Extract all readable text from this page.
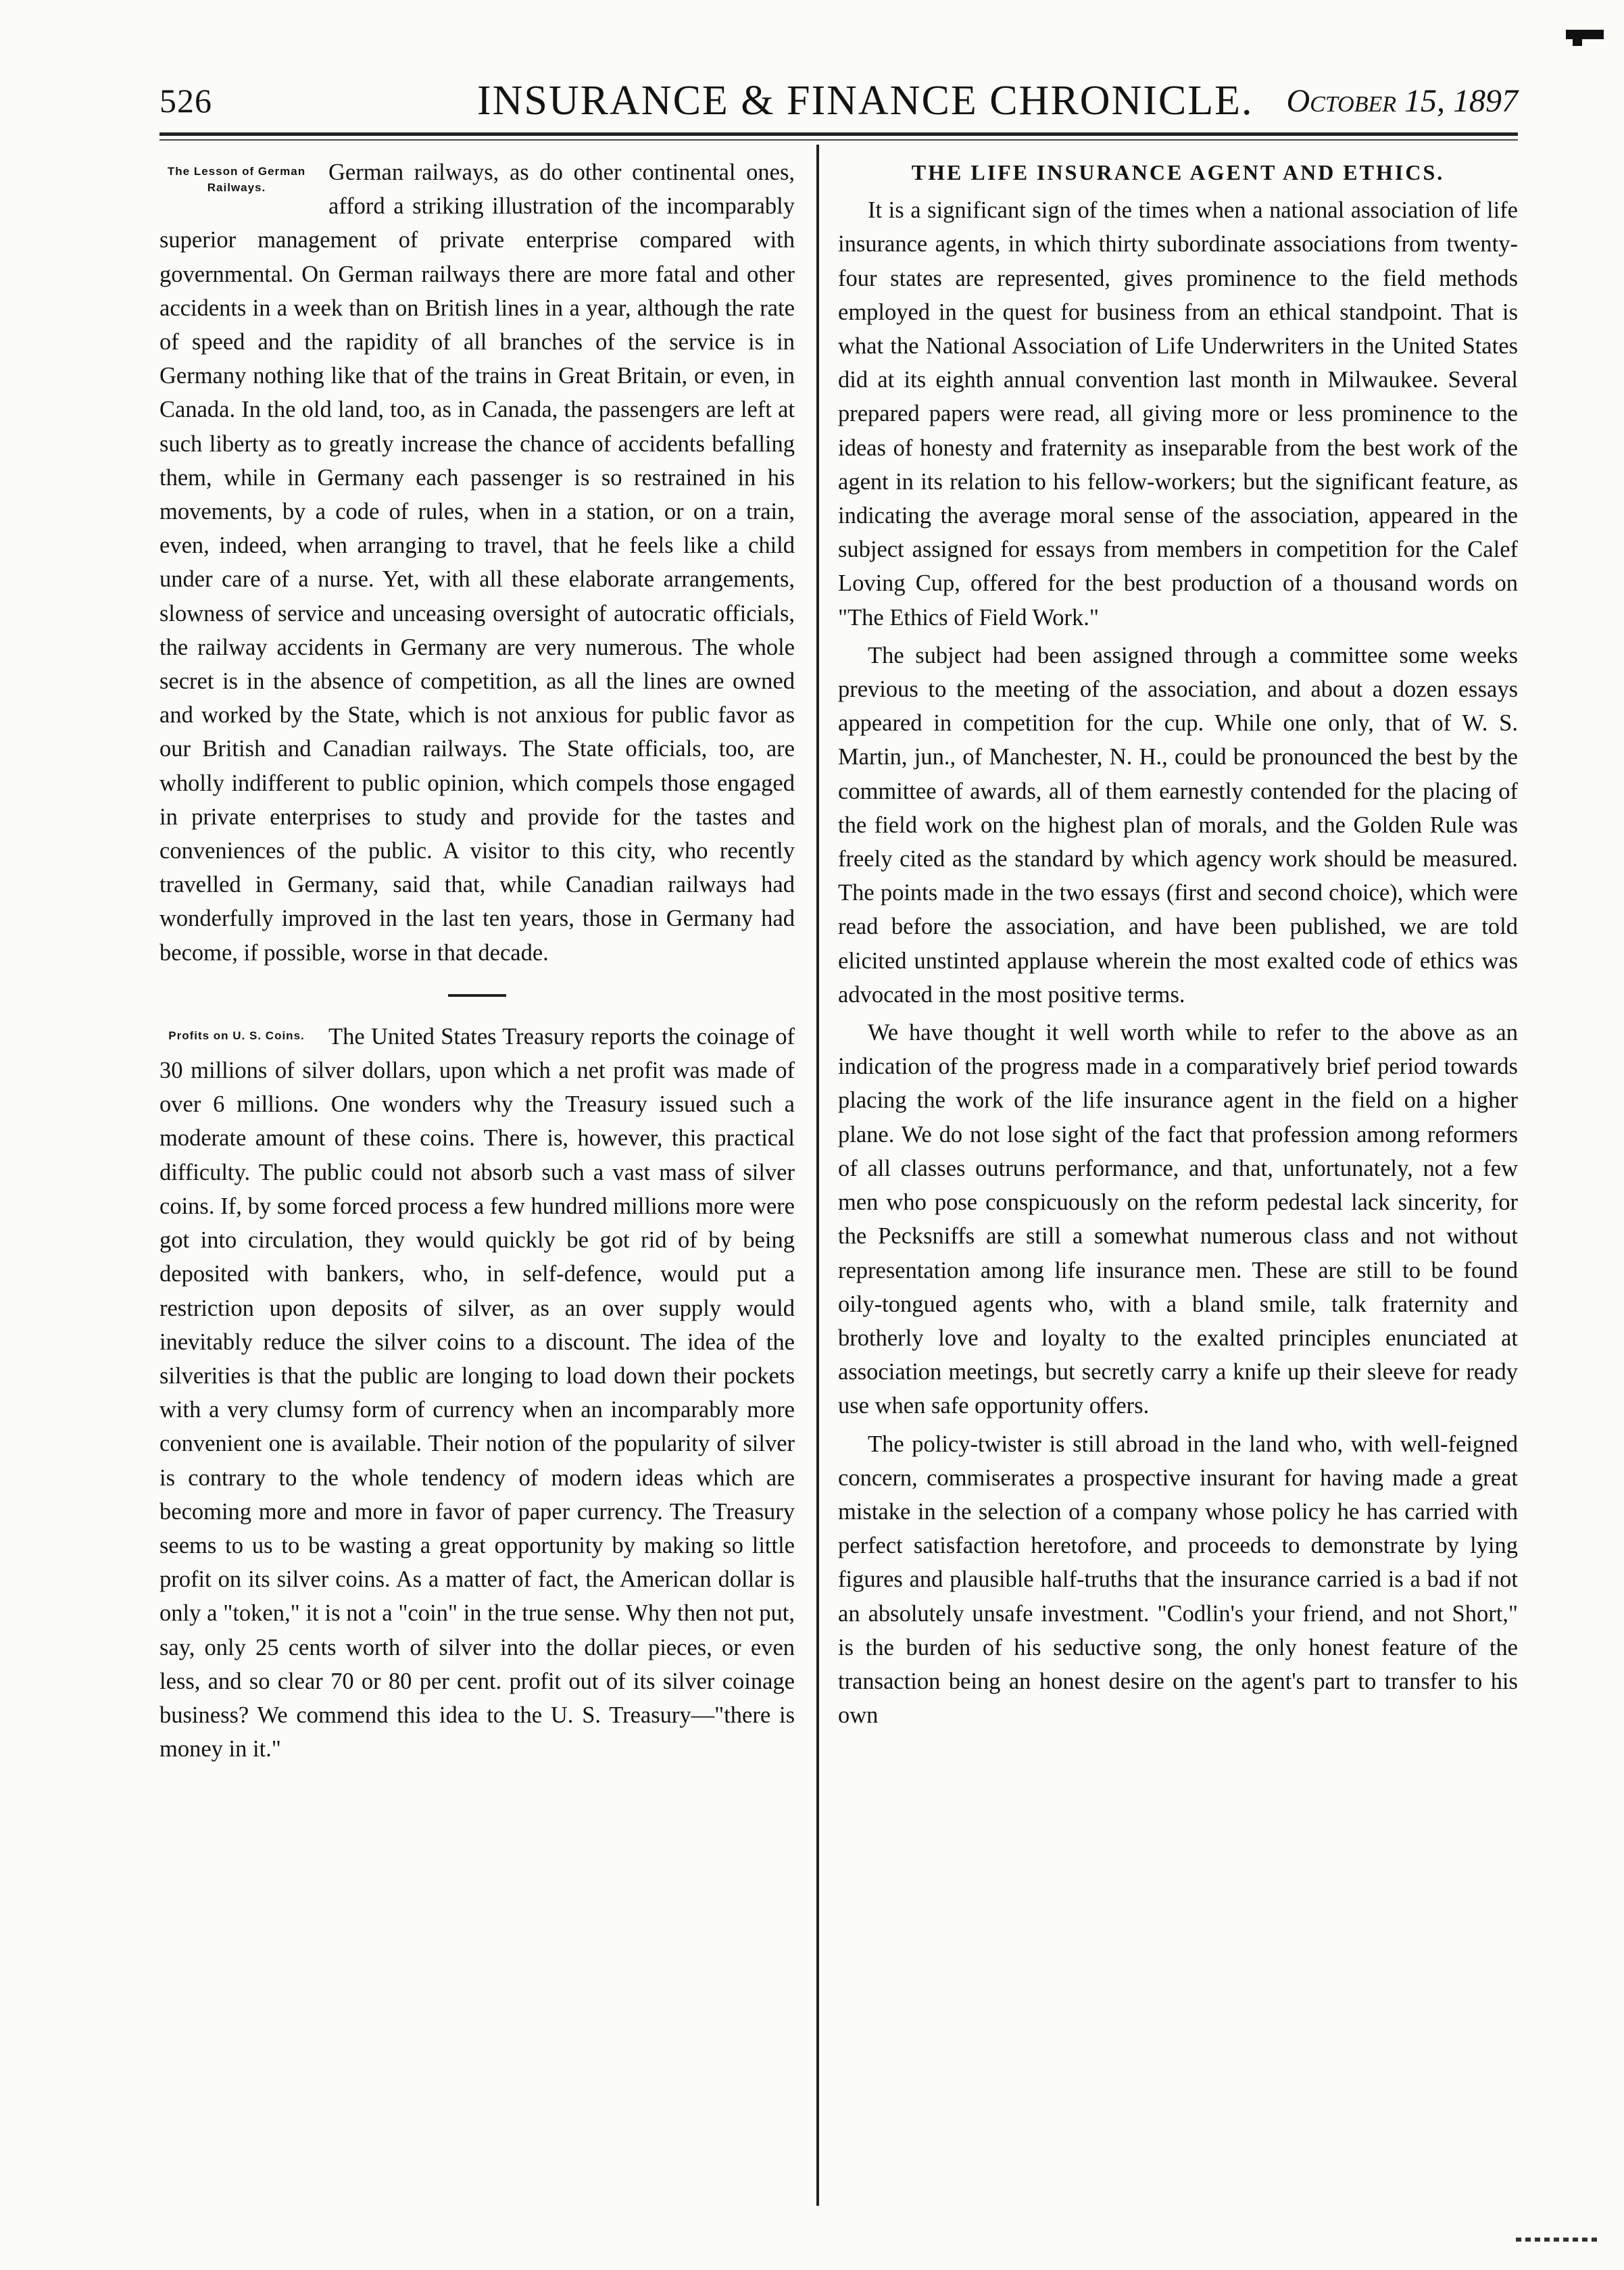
526	INSURANCE & FINANCE CHRONICLE. October 15, 1897
The Lesson of German Railways.

German railways, as do other continental ones, afford a striking illustration of the incomparably superior management of private enterprise compared with governmental. On German railways there are more fatal and other accidents in a week than on British lines in a year, although the rate of speed and the rapidity of all branches of the service is in Germany nothing like that of the trains in Great Britain, or even, in Canada. In the old land, too, as in Canada, the passengers are left at such liberty as to greatly increase the chance of accidents befalling them, while in Germany each passenger is so restrained in his movements, by a code of rules, when in a station, or on a train, even, indeed, when arranging to travel, that he feels like a child under care of a nurse. Yet, with all these elaborate arrangements, slowness of service and unceasing oversight of autocratic officials, the railway accidents in Germany are very numerous. The whole secret is in the absence of competition, as all the lines are owned and worked by the State, which is not anxious for public favor as our British and Canadian railways. The State officials, too, are wholly indifferent to public opinion, which compels those engaged in private enterprises to study and provide for the tastes and conveniences of the public. A visitor to this city, who recently travelled in Germany, said that, while Canadian railways had wonderfully improved in the last ten years, those in Germany had become, if possible, worse in that decade.

Profits on U. S. Coins.	The United States Treasury reports the coinage of 30 millions of silver dollars, upon which a net profit was made of over 6 millions. One wonders why the Treasury issued such a moderate amount of these coins. There is, however, this practical difficulty. The public could not absorb such a vast mass of silver coins. If, by some forced process a few hundred millions more were got into circulation, they would quickly be got rid of by being deposited with bankers, who, in self-defence, would put a restriction upon deposits of silver, as an over supply would inevitably reduce the silver coins to a discount. The idea of the silverities is that the public are longing to load down their pockets with a very clumsy form of currency when an incomparably more convenient one is available. Their notion of the popularity of silver is contrary to the whole tendency of modern ideas which are becoming more and more in favor of paper currency. The Treasury seems to us to be wasting a great opportunity by making so little profit on its silver coins. As a matter of fact, the American dollar is only a "token," it is not a "coin" in the true sense. Why then not put, say, only 25 cents worth of silver into the dollar pieces, or even less, and so clear 70 or 80 per cent. profit out of its silver coinage business? We commend this idea to the U. S. Treasury—"there is money in it."

THE LIFE INSURANCE AGENT AND ETHICS.

It is a significant sign of the times when a national association of life insurance agents, in which thirty subordinate associations from twenty-four states are represented, gives prominence to the field methods employed in the quest for business from an ethical standpoint. That is what the National Association of Life Underwriters in the United States did at its eighth annual convention last month in Milwaukee. Several prepared papers were read, all giving more or less prominence to the ideas of honesty and fraternity as inseparable from the best work of the agent in its relation to his fellow-workers; but the significant feature, as indicating the average moral sense of the association, appeared in the subject assigned for essays from members in competition for the Calef Loving Cup, offered for the best production of a thousand words on "The Ethics of Field Work."

The subject had been assigned through a committee some weeks previous to the meeting of the association, and about a dozen essays appeared in competition for the cup. While one only, that of W. S. Martin, jun., of Manchester, N. H., could be pronounced the best by the committee of awards, all of them earnestly contended for the placing of the field work on the highest plan of morals, and the Golden Rule was freely cited as the standard by which agency work should be measured. The points made in the two essays (first and second choice), which were read before the association, and have been published, we are told elicited unstinted applause wherein the most exalted code of ethics was advocated in the most positive terms.

We have thought it well worth while to refer to the above as an indication of the progress made in a comparatively brief period towards placing the work of the life insurance agent in the field on a higher plane. We do not lose sight of the fact that profession among reformers of all classes outruns performance, and that, unfortunately, not a few men who pose conspicuously on the reform pedestal lack sincerity, for the Pecksniffs are still a somewhat numerous class and not without representation among life insurance men. These are still to be found oily-tongued agents who, with a bland smile, talk fraternity and brotherly love and loyalty to the exalted principles enunciated at association meetings, but secretly carry a knife up their sleeve for ready use when safe opportunity offers.

The policy-twister is still abroad in the land who, with well-feigned concern, commiserates a prospective insurant for having made a great mistake in the selection of a company whose policy he has carried with perfect satisfaction heretofore, and proceeds to demonstrate by lying figures and plausible half-truths that the insurance carried is a bad if not an absolutely unsafe investment. "Codlin's your friend, and not Short," is the burden of his seductive song, the only honest feature of the transaction being an honest desire on the agent's part to transfer to his own
